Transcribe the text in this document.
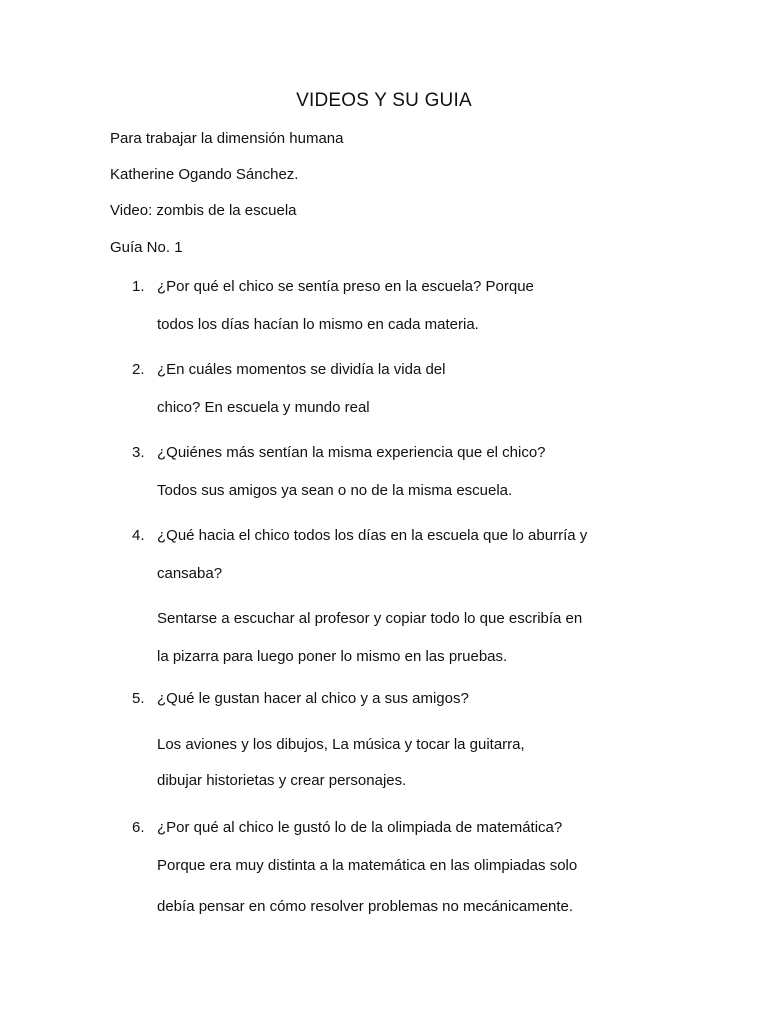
VIDEOS Y SU GUIA
Para trabajar la dimensión humana
Katherine Ogando Sánchez.
Video: zombis de la escuela
Guía No. 1
1. ¿Por qué el chico se sentía preso en la escuela? Porque
todos los días hacían lo mismo en cada materia.
2. ¿En cuáles momentos se dividía la vida del
chico? En escuela y mundo real
3. ¿Quiénes más sentían la misma experiencia que el chico?
Todos sus amigos ya sean o no de la misma escuela.
4. ¿Qué hacia el chico todos los días en la escuela que lo aburría y
cansaba?
Sentarse a escuchar al profesor y copiar todo lo que escribía en
la pizarra para luego poner lo mismo en las pruebas.
5. ¿Qué le gustan hacer al chico y a sus amigos?
Los aviones y los dibujos, La música y tocar la guitarra,
dibujar historietas y crear personajes.
6. ¿Por qué al chico le gustó lo de la olimpiada de matemática?
Porque era muy distinta a la matemática en las olimpiadas solo
debía pensar en cómo resolver problemas no mecánicamente.
